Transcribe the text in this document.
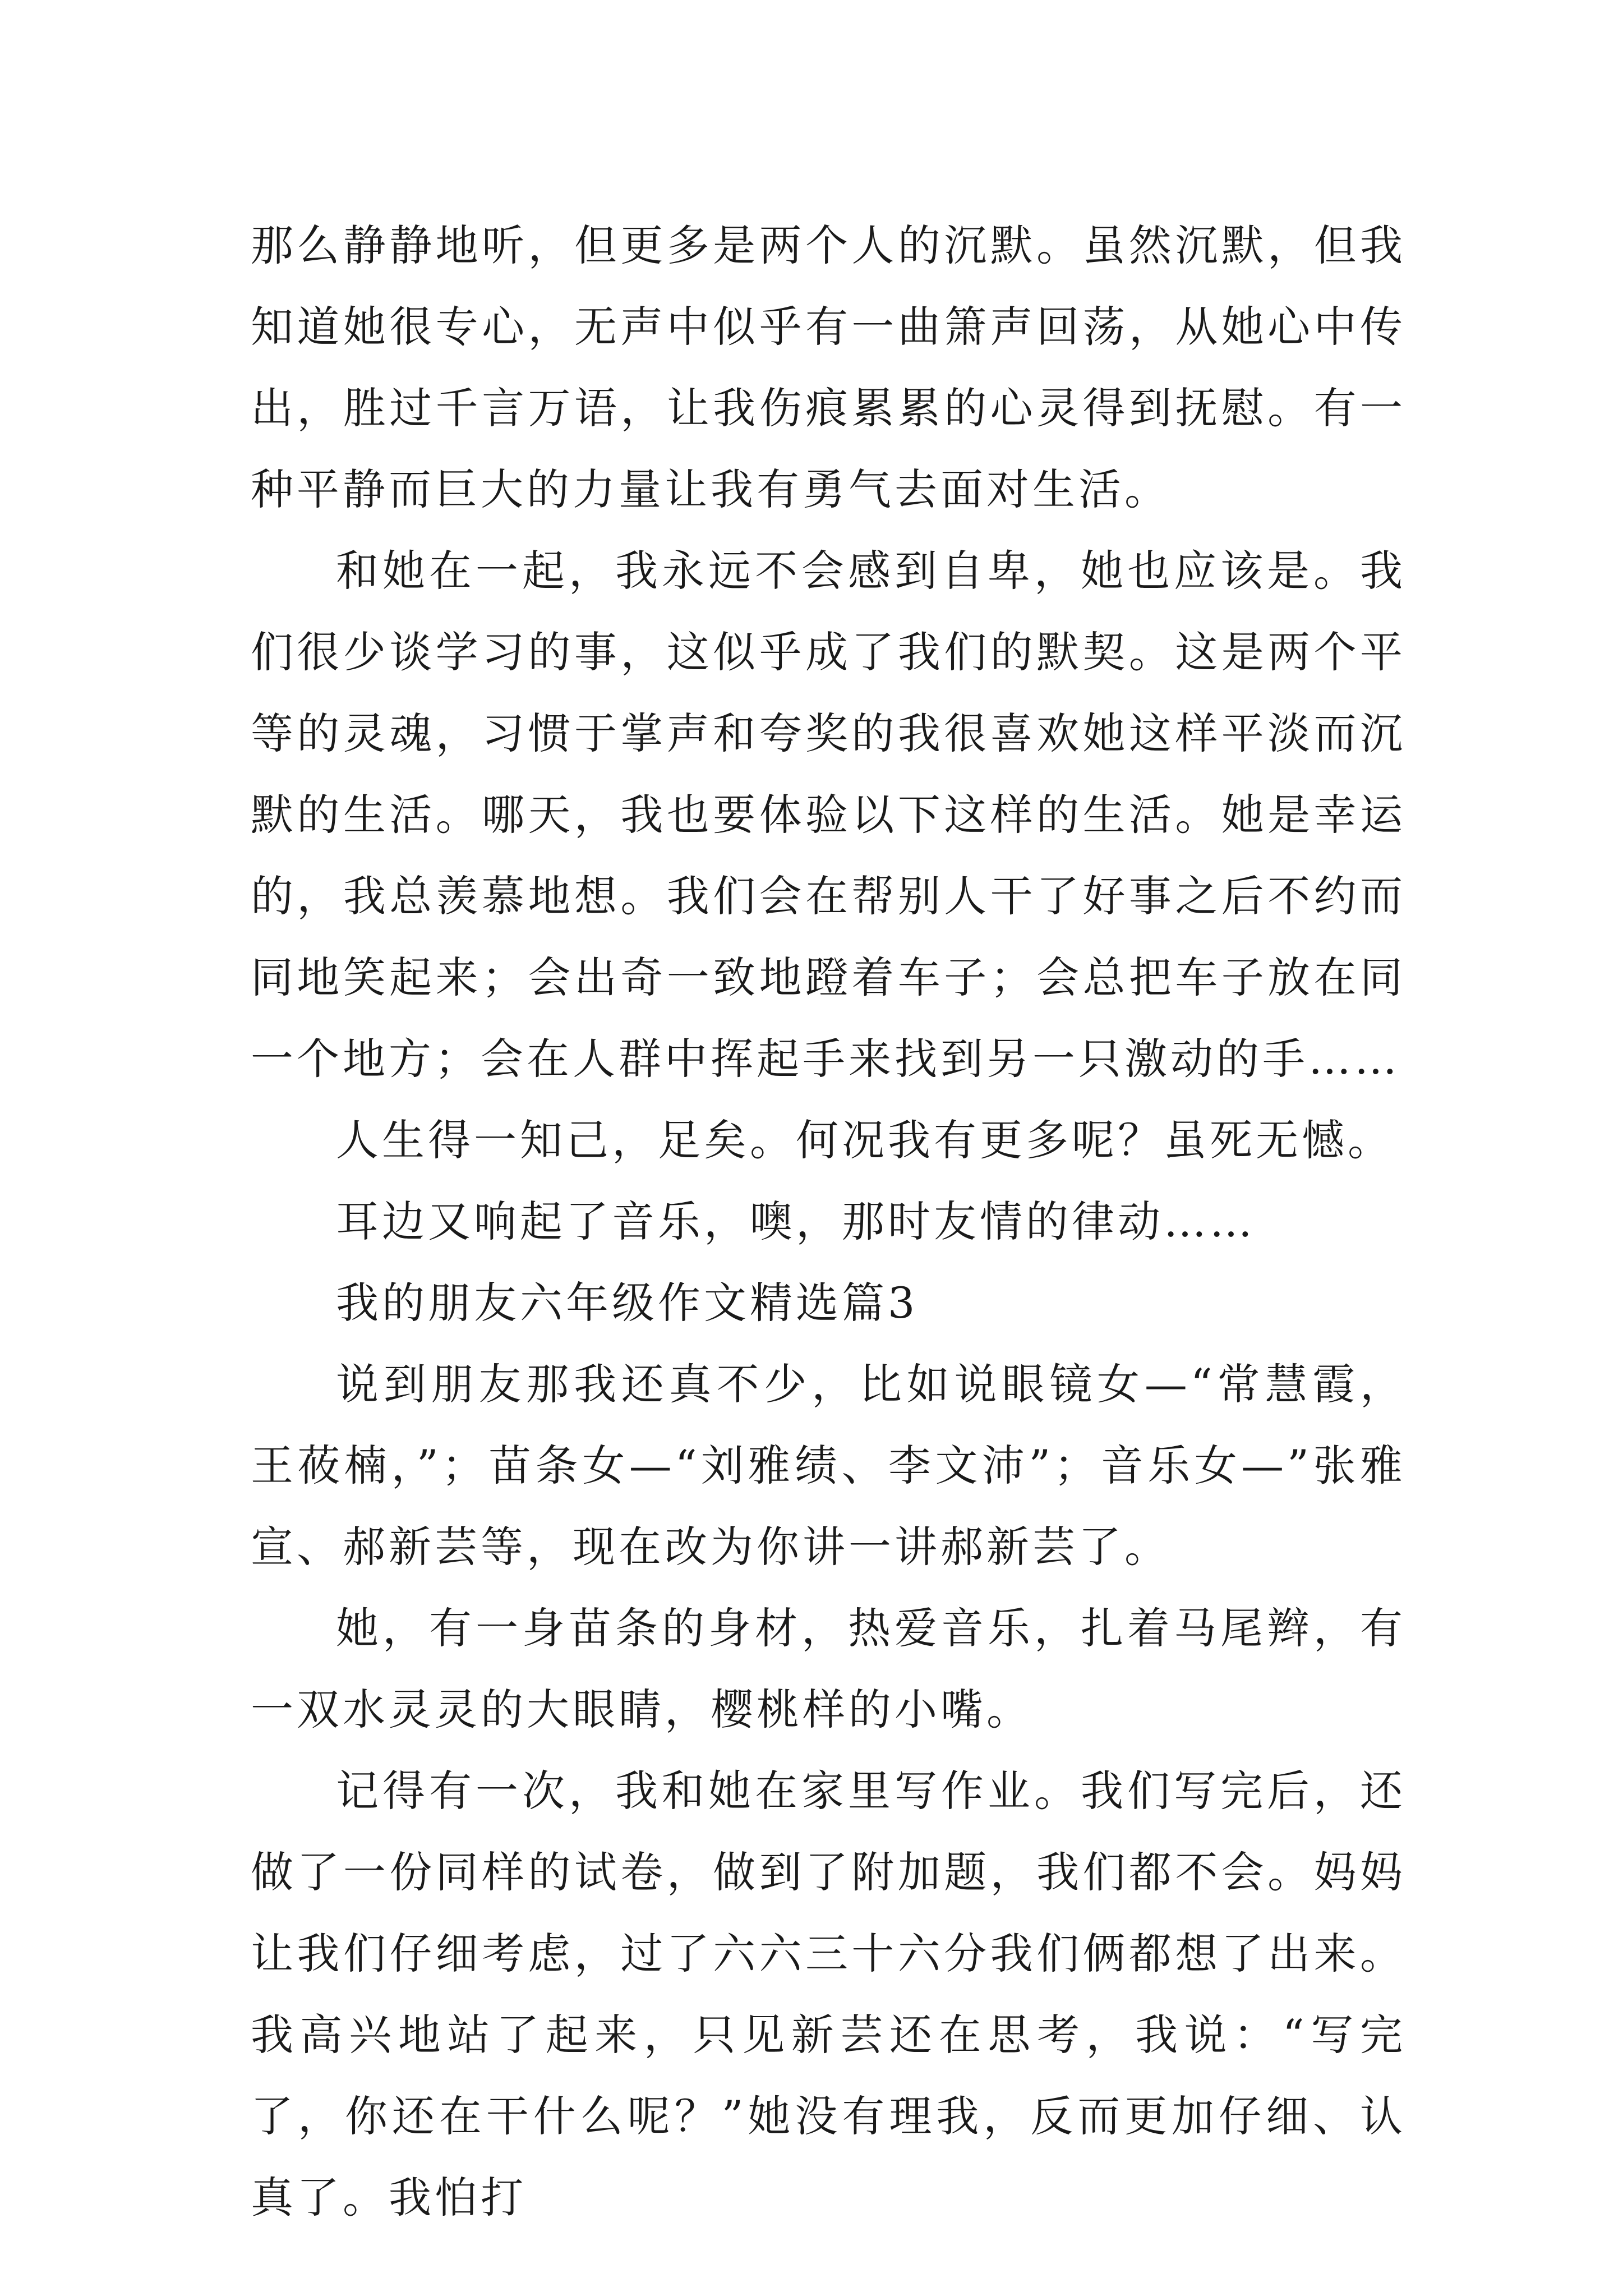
那么静静地听，但更多是两个人的沉默。虽然沉默，但我知道她很专心，无声中似乎有一曲箫声回荡，从她心中传出，胜过千言万语，让我伤痕累累的心灵得到抚慰。有一种平静而巨大的力量让我有勇气去面对生活。

和她在一起，我永远不会感到自卑，她也应该是。我们很少谈学习的事，这似乎成了我们的默契。这是两个平等的灵魂，习惯于掌声和夸奖的我很喜欢她这样平淡而沉默的生活。哪天，我也要体验以下这样的生活。她是幸运的，我总羡慕地想。我们会在帮别人干了好事之后不约而同地笑起来；会出奇一致地蹬着车子；会总把车子放在同一个地方；会在人群中挥起手来找到另一只激动的手……

人生得一知己，足矣。何况我有更多呢？虽死无憾。

耳边又响起了音乐，噢，那时友情的律动……

我的朋友六年级作文精选篇3

说到朋友那我还真不少，比如说眼镜女—“常慧霞，王莜楠，”；苗条女—“刘雅绩、李文沛”；音乐女—”张雅宣、郝新芸等，现在改为你讲一讲郝新芸了。

她，有一身苗条的身材，热爱音乐，扎着马尾辫，有一双水灵灵的大眼睛，樱桃样的小嘴。

记得有一次，我和她在家里写作业。我们写完后，还做了一份同样的试卷，做到了附加题，我们都不会。妈妈让我们仔细考虑，过了六六三十六分我们俩都想了出来。我高兴地站了起来，只见新芸还在思考，我说：“写完了，你还在干什么呢？”她没有理我，反而更加仔细、认真了。我怕打
